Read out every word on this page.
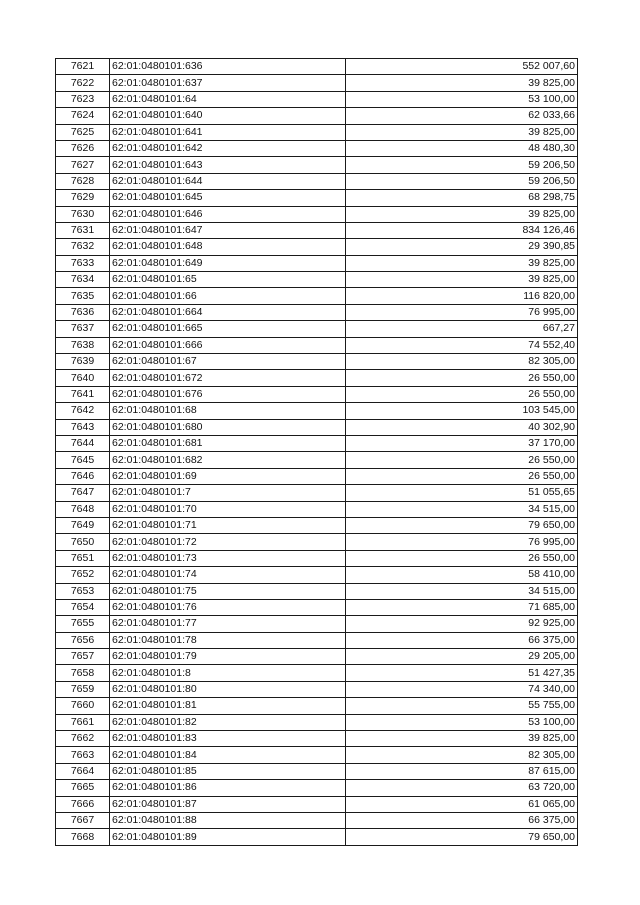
7621	62:01:0480101:636	552 007,60
7622	62:01:0480101:637	39 825,00
7623	62:01:0480101:64	53 100,00
7624	62:01:0480101:640	62 033,66
7625	62:01:0480101:641	39 825,00
7626	62:01:0480101:642	48 480,30
7627	62:01:0480101:643	59 206,50
7628	62:01:0480101:644	59 206,50
7629	62:01:0480101:645	68 298,75
7630	62:01:0480101:646	39 825,00
7631	62:01:0480101:647	834 126,46
7632	62:01:0480101:648	29 390,85
7633	62:01:0480101:649	39 825,00
7634	62:01:0480101:65	39 825,00
7635	62:01:0480101:66	116 820,00
7636	62:01:0480101:664	76 995,00
7637	62:01:0480101:665	667,27
7638	62:01:0480101:666	74 552,40
7639	62:01:0480101:67	82 305,00
7640	62:01:0480101:672	26 550,00
7641	62:01:0480101:676	26 550,00
7642	62:01:0480101:68	103 545,00
7643	62:01:0480101:680	40 302,90
7644	62:01:0480101:681	37 170,00
7645	62:01:0480101:682	26 550,00
7646	62:01:0480101:69	26 550,00
7647	62:01:0480101:7	51 055,65
7648	62:01:0480101:70	34 515,00
7649	62:01:0480101:71	79 650,00
7650	62:01:0480101:72	76 995,00
7651	62:01:0480101:73	26 550,00
7652	62:01:0480101:74	58 410,00
7653	62:01:0480101:75	34 515,00
7654	62:01:0480101:76	71 685,00
7655	62:01:0480101:77	92 925,00
7656	62:01:0480101:78	66 375,00
7657	62:01:0480101:79	29 205,00
7658	62:01:0480101:8	51 427,35
7659	62:01:0480101:80	74 340,00
7660	62:01:0480101:81	55 755,00
7661	62:01:0480101:82	53 100,00
7662	62:01:0480101:83	39 825,00
7663	62:01:0480101:84	82 305,00
7664	62:01:0480101:85	87 615,00
7665	62:01:0480101:86	63 720,00
7666	62:01:0480101:87	61 065,00
7667	62:01:0480101:88	66 375,00
7668	62:01:0480101:89	79 650,00
